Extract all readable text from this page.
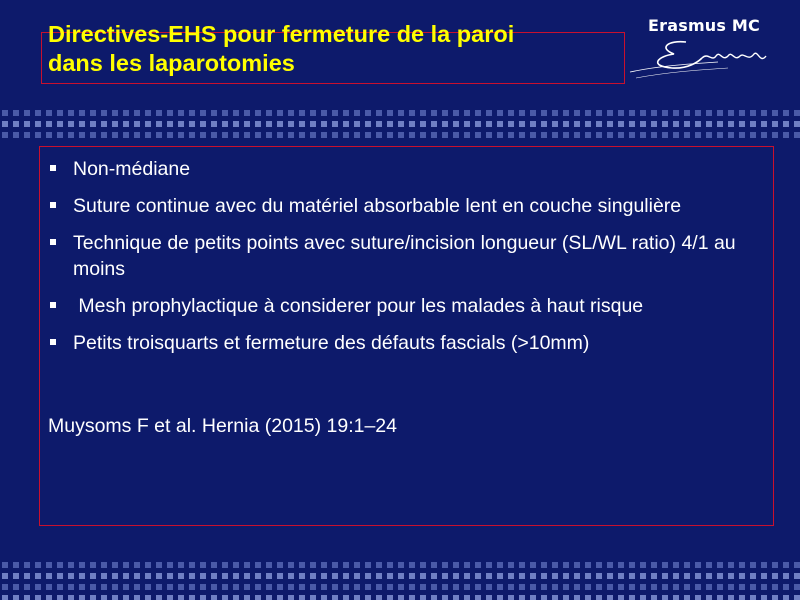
Directives-EHS pour fermeture de la paroi
dans les laparotomies
Erasmus MC
Non-médiane
Suture continue avec du matériel absorbable lent en couche singulière
Technique de petits points avec suture/incision longueur (SL/WL ratio) 4/1 au moins
Mesh prophylactique à considerer pour les malades à haut risque
Petits troisquarts et fermeture des défauts fascials (>10mm)
Muysoms F et al. Hernia (2015) 19:1–24
